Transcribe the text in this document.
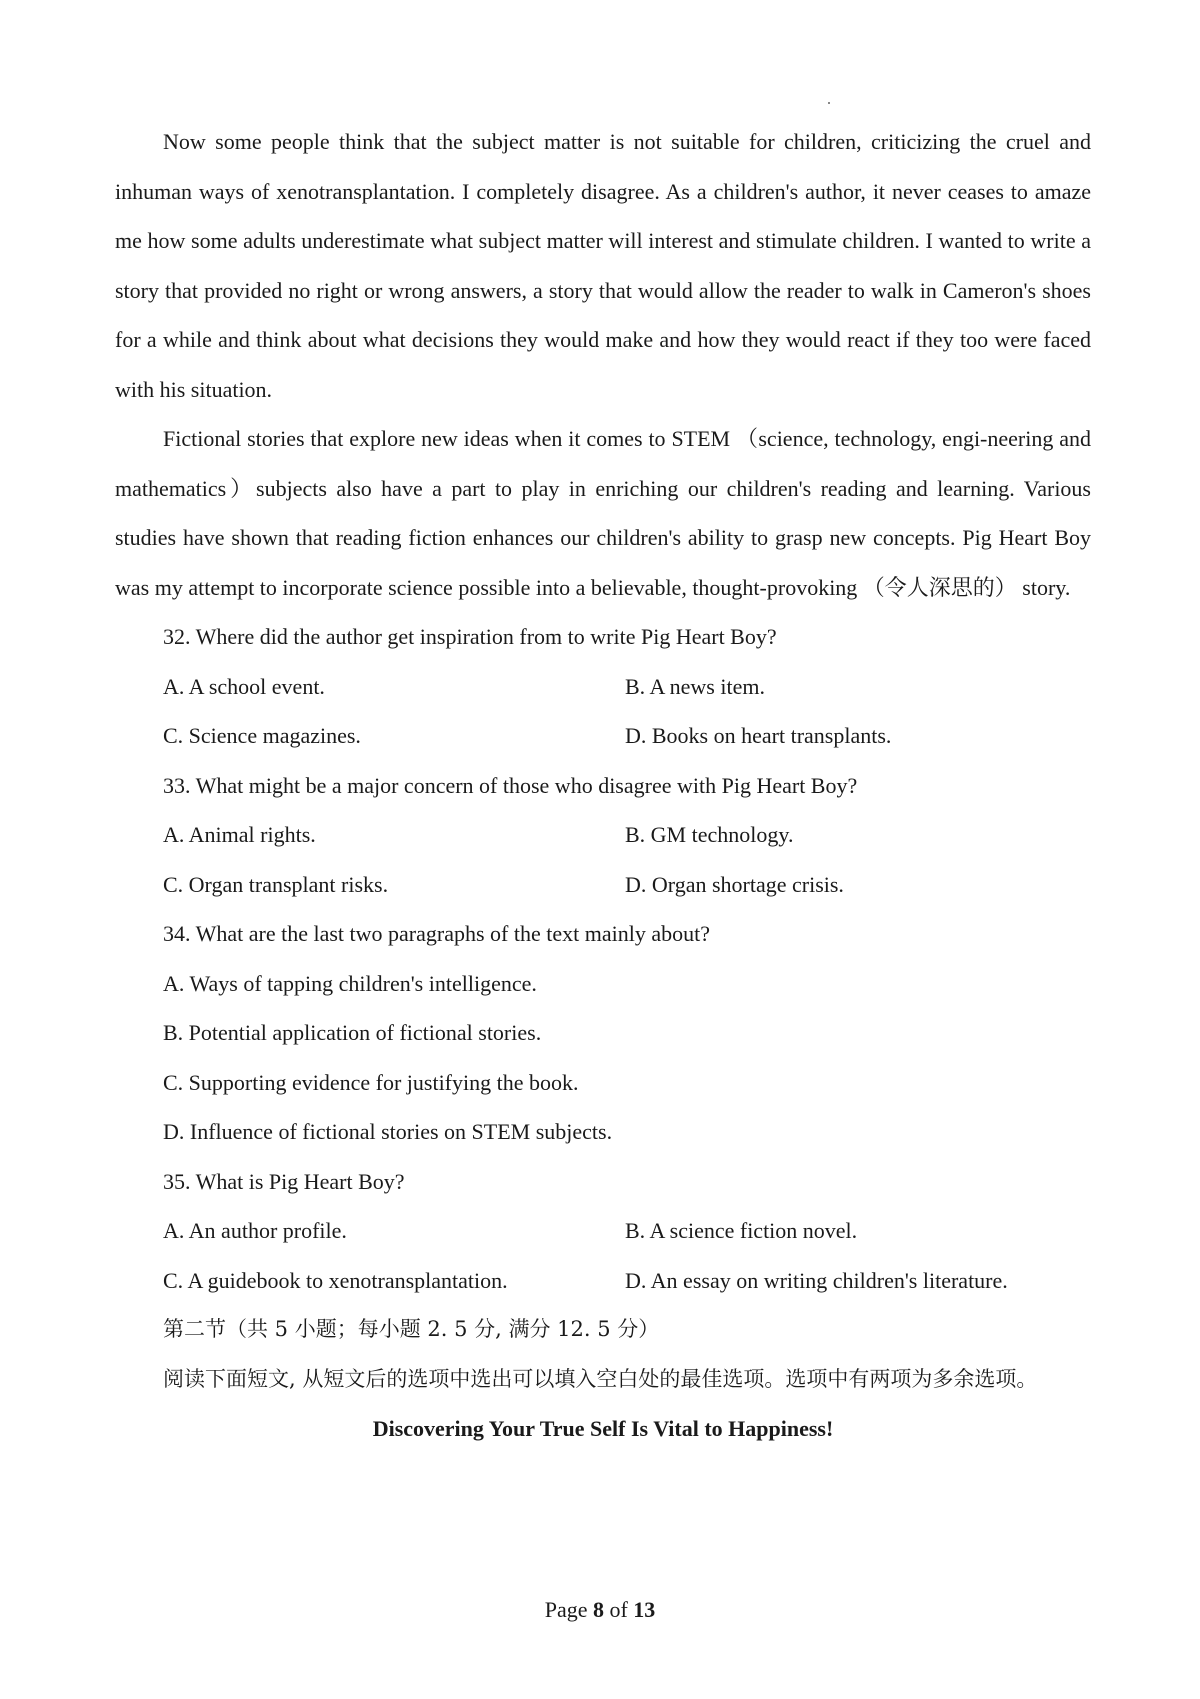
Now some people think that the subject matter is not suitable for children, criticizing the cruel and inhuman ways of xenotransplantation. I completely disagree. As a children's author, it never ceases to amaze me how some adults underestimate what subject matter will interest and stimulate children. I wanted to write a story that provided no right or wrong answers, a story that would allow the reader to walk in Cameron's shoes for a while and think about what decisions they would make and how they would react if they too were faced with his situation.

Fictional stories that explore new ideas when it comes to STEM （science, technology, engi-neering and mathematics）subjects also have a part to play in enriching our children's reading and learning. Various studies have shown that reading fiction enhances our children's ability to grasp new concepts. Pig Heart Boy was my attempt to incorporate science possible into a believable, thought-provoking （令人深思的） story.

32. Where did the author get inspiration from to write Pig Heart Boy?
A. A school event.	B. A news item.
C. Science magazines.	D. Books on heart transplants.
33. What might be a major concern of those who disagree with Pig Heart Boy?
A. Animal rights.	B. GM technology.
C. Organ transplant risks.	D. Organ shortage crisis.
34. What are the last two paragraphs of the text mainly about?
A. Ways of tapping children's intelligence.
B. Potential application of fictional stories.
C. Supporting evidence for justifying the book.
D. Influence of fictional stories on STEM subjects.
35. What is Pig Heart Boy?
A. An author profile.	B. A science fiction novel.
C. A guidebook to xenotransplantation.	D. An essay on writing children's literature.
第二节（共 5 小题；每小题 2. 5 分, 满分 12. 5 分）

阅读下面短文, 从短文后的选项中选出可以填入空白处的最佳选项。选项中有两项为多余选项。

Discovering Your True Self Is Vital to Happiness!

Page 8 of 13
